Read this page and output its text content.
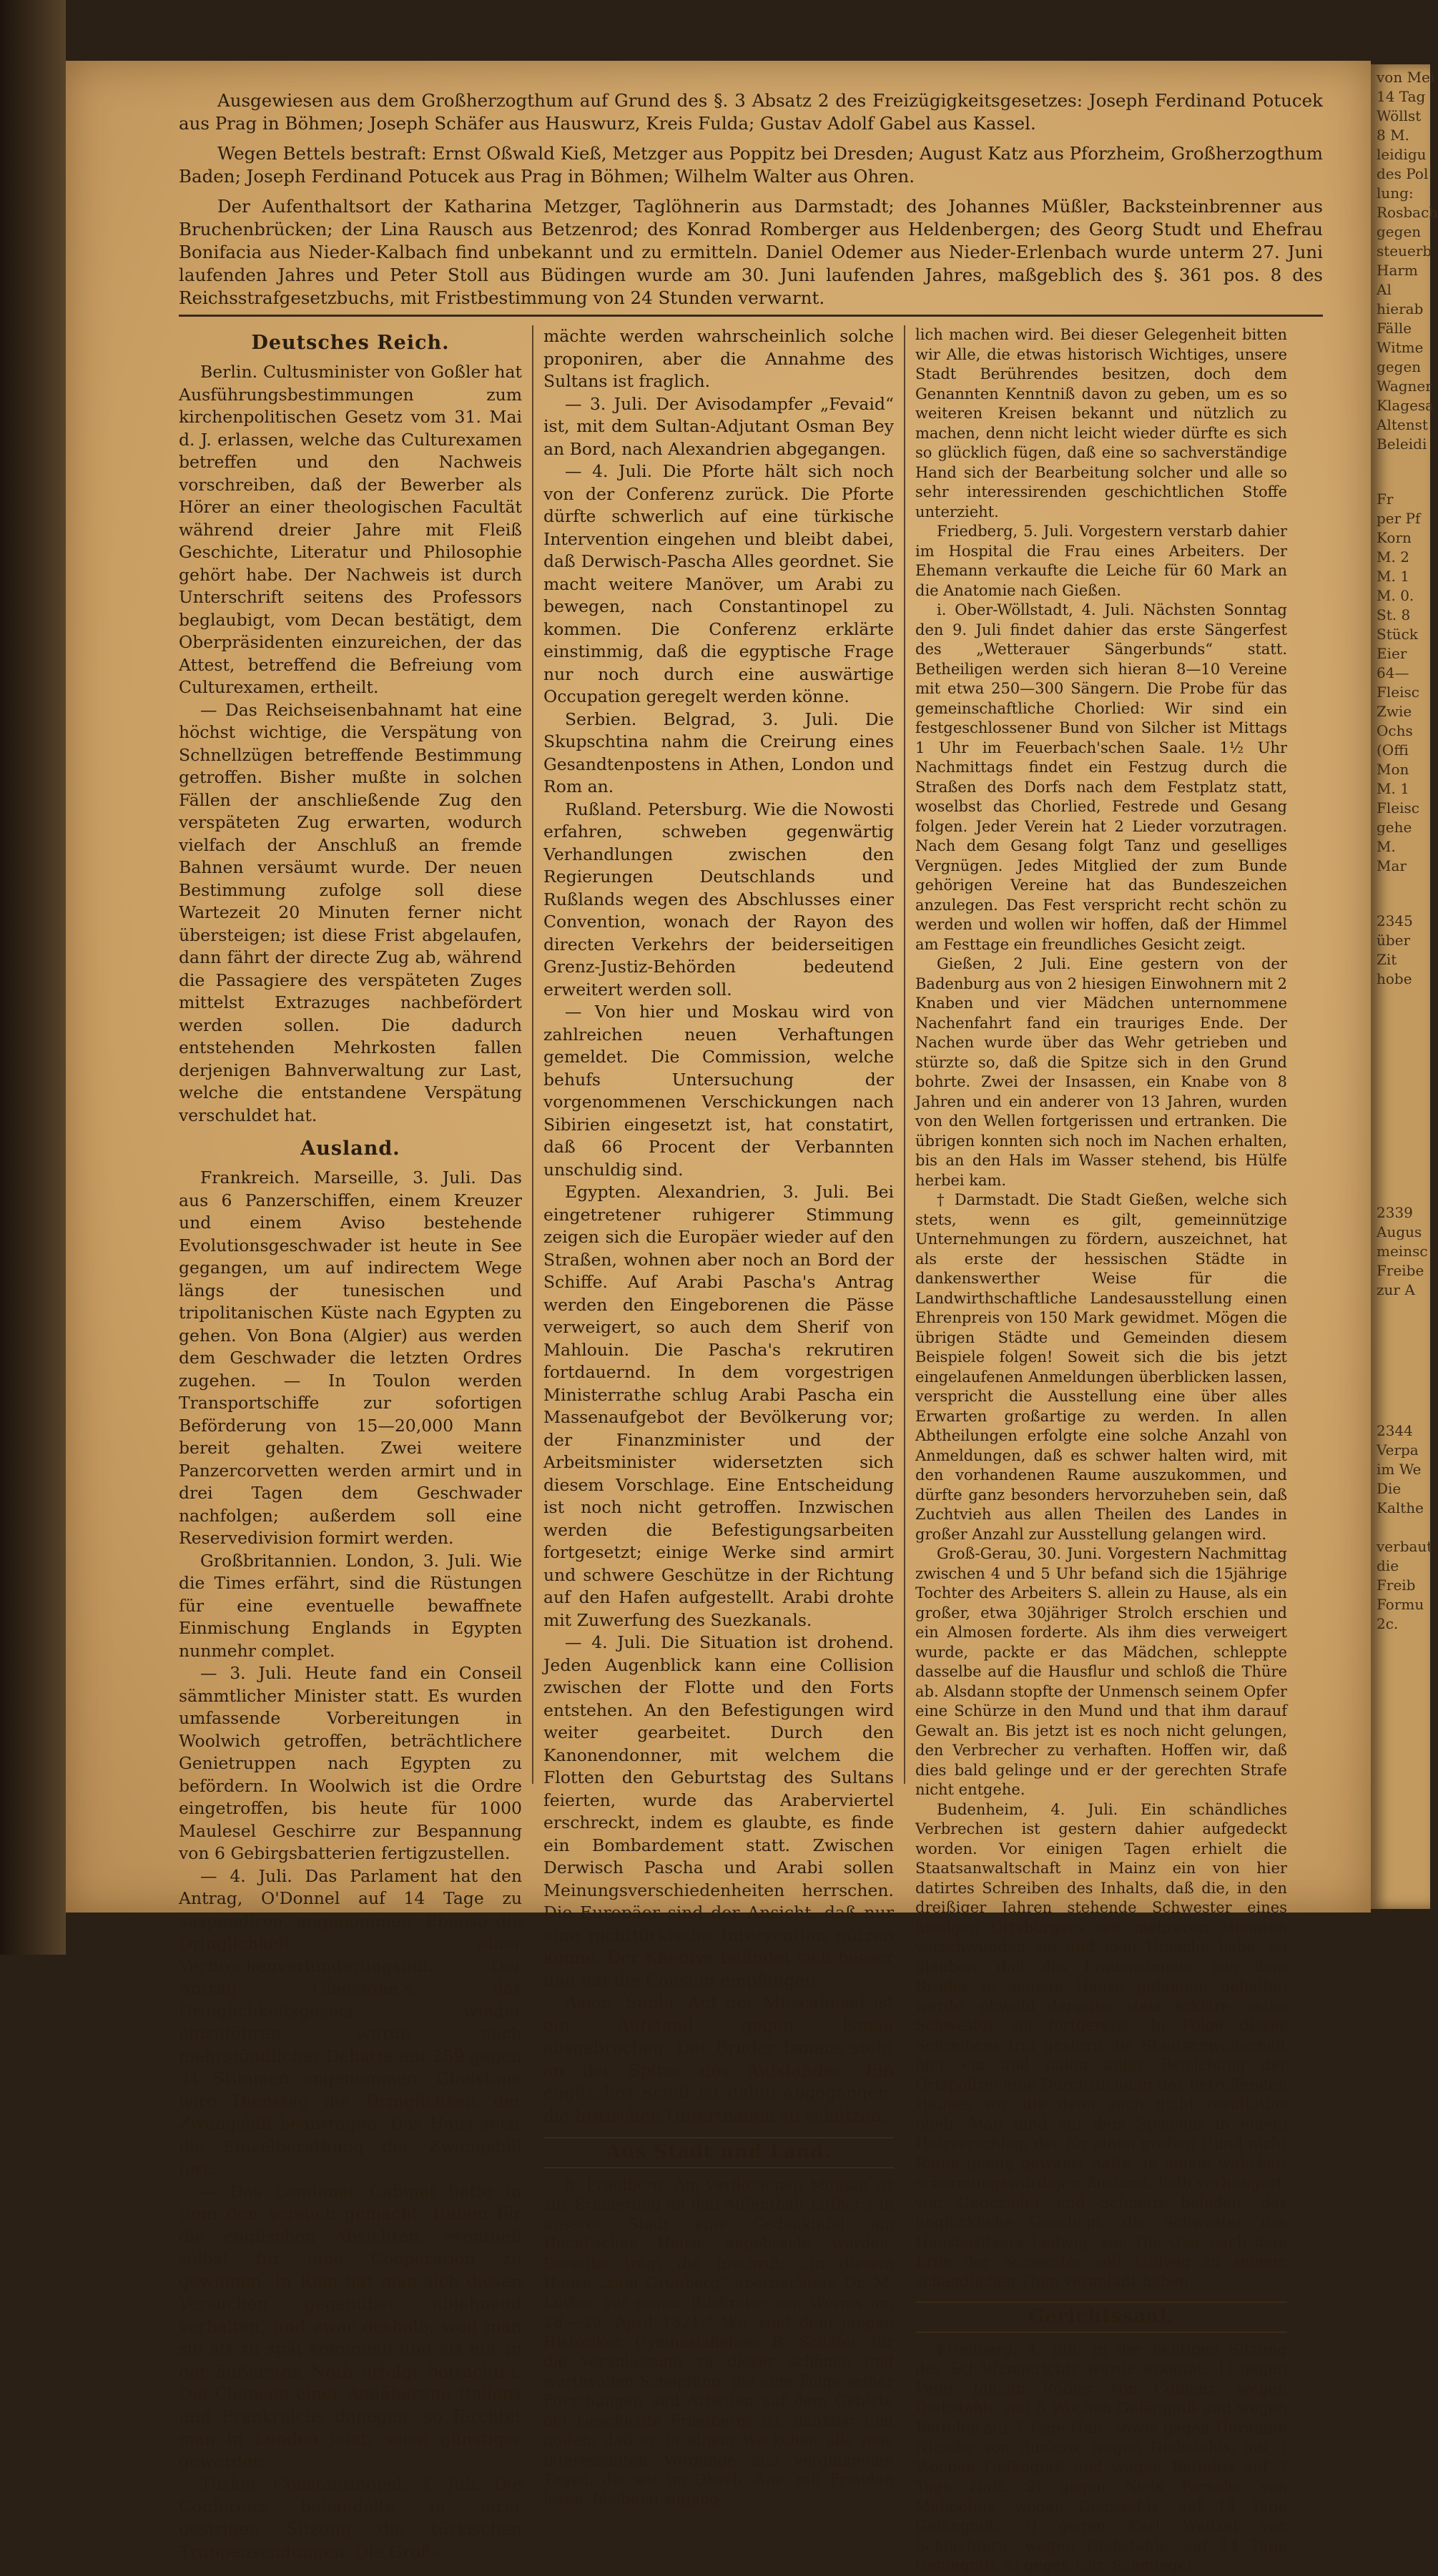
Ausgewiesen aus dem Großherzogthum auf Grund des §. 3 Absatz 2 des Freizügigkeitsgesetzes: Joseph Ferdinand Potucek aus Prag in Böhmen; Joseph Schäfer aus Hauswurz, Kreis Fulda; Gustav Adolf Gabel aus Kassel.

Wegen Bettels bestraft: Ernst Oßwald Kieß, Metzger aus Poppitz bei Dresden; August Katz aus Pforzheim, Großherzogthum Baden; Joseph Ferdinand Potucek aus Prag in Böhmen; Wilhelm Walter aus Ohren.

Der Aufenthaltsort der Katharina Metzger, Taglöhnerin aus Darmstadt; des Johannes Müßler, Backsteinbrenner aus Bruchenbrücken; der Lina Rausch aus Betzenrod; des Konrad Romberger aus Heldenbergen; des Georg Studt und Ehefrau Bonifacia aus Nieder-Kalbach find unbekannt und zu ermitteln. Daniel Odemer aus Nieder-Erlenbach wurde unterm 27. Juni laufenden Jahres und Peter Stoll aus Büdingen wurde am 30. Juni laufenden Jahres, maßgeblich des §. 361 pos. 8 des Reichsstrafgesetzbuchs, mit Fristbestimmung von 24 Stunden verwarnt.

Deutsches Reich.

Berlin. Cultusminister von Goßler hat Ausführungsbestimmungen zum kirchenpolitischen Gesetz vom 31. Mai d. J. erlassen, welche das Culturexamen betreffen und den Nachweis vorschreiben, daß der Bewerber als Hörer an einer theologischen Facultät während dreier Jahre mit Fleiß Geschichte, Literatur und Philosophie gehört habe. Der Nachweis ist durch Unterschrift seitens des Professors beglaubigt, vom Decan bestätigt, dem Oberpräsidenten einzureichen, der das Attest, betreffend die Befreiung vom Culturexamen, ertheilt.

— Das Reichseisenbahnamt hat eine höchst wichtige, die Verspätung von Schnellzügen betreffende Bestimmung getroffen. Bisher mußte in solchen Fällen der anschließende Zug den verspäteten Zug erwarten, wodurch vielfach der Anschluß an fremde Bahnen versäumt wurde. Der neuen Bestimmung zufolge soll diese Wartezeit 20 Minuten ferner nicht übersteigen; ist diese Frist abgelaufen, dann fährt der directe Zug ab, während die Passagiere des verspäteten Zuges mittelst Extrazuges nachbefördert werden sollen. Die dadurch entstehenden Mehrkosten fallen derjenigen Bahnverwaltung zur Last, welche die entstandene Verspätung verschuldet hat.

Ausland.

Frankreich. Marseille, 3. Juli. Das aus 6 Panzerschiffen, einem Kreuzer und einem Aviso bestehende Evolutionsgeschwader ist heute in See gegangen, um auf indirectem Wege längs der tunesischen und tripolitanischen Küste nach Egypten zu gehen. Von Bona (Algier) aus werden dem Geschwader die letzten Ordres zugehen. — In Toulon werden Transportschiffe zur sofortigen Beförderung von 15—20,000 Mann bereit gehalten. Zwei weitere Panzercorvetten werden armirt und in drei Tagen dem Geschwader nachfolgen; außerdem soll eine Reservedivision formirt werden.

Großbritannien. London, 3. Juli. Wie die Times erfährt, sind die Rüstungen für eine eventuelle bewaffnete Einmischung Englands in Egypten nunmehr complet.

— 3. Juli. Heute fand ein Conseil sämmtlicher Minister statt. Es wurden umfassende Vorbereitungen in Woolwich getroffen, beträchtlichere Genietruppen nach Egypten zu befördern. In Woolwich ist die Ordre eingetroffen, bis heute für 1000 Maulesel Geschirre zur Bespannung von 6 Gebirgsbatterien fertigzustellen.

— 4. Juli. Das Parlament hat den Antrag, O'Donnel auf 14 Tage zu suspendiren, angenommen. Ebenso die Dringlichkeit einer Verbrechenverhinderungsbill. Der Antrag Gladstone's, das Dringlichkeitsgesetz wieder einzuführen, wurde nach mehrstündlicher Debatte mit 259 gegen 31 Stimmen angenommen. Gladstone wird Dienstag die Dringlichkeit der Zwangsbill beantragen. Das Haus setzt die Einzelberathung der Zwangsbill fort.

— Das Londoner Cabinet hatte in Rom den Versuch gemacht, Italien für die englischen Absichten, eventuell selbst für eine Cooperation zu gewinnen. In Rom hat man sich diesen Versuchen gegenüber ablehnend verhalten, und zwar deshalb, weil man sie als zu spät kommend und als nur in der äußersten Noth erfolgt betrachtet. Die Chancen einer Annäherung Italiens und Frankreichs dagegen, so fürchtet man in London jetzt, seien günstiger geworden.

Türkei. Constantinopel, 3. Juli. Die Conferenz behandelte in ihrer gestrigen Sitzung die türkischen Truppensendungen. Die Groß-

mächte werden wahrscheinlich solche proponiren, aber die Annahme des Sultans ist fraglich.

— 3. Juli. Der Avisodampfer „Fevaid“ ist, mit dem Sultan-Adjutant Osman Bey an Bord, nach Alexandrien abgegangen.

— 4. Juli. Die Pforte hält sich noch von der Conferenz zurück. Die Pforte dürfte schwerlich auf eine türkische Intervention eingehen und bleibt dabei, daß Derwisch-Pascha Alles geordnet. Sie macht weitere Manöver, um Arabi zu bewegen, nach Constantinopel zu kommen. Die Conferenz erklärte einstimmig, daß die egyptische Frage nur noch durch eine auswärtige Occupation geregelt werden könne.

Serbien. Belgrad, 3. Juli. Die Skupschtina nahm die Creirung eines Gesandtenpostens in Athen, London und Rom an.

Rußland. Petersburg. Wie die Nowosti erfahren, schweben gegenwärtig Verhandlungen zwischen den Regierungen Deutschlands und Rußlands wegen des Abschlusses einer Convention, wonach der Rayon des directen Verkehrs der beiderseitigen Grenz-Justiz-Behörden bedeutend erweitert werden soll.

— Von hier und Moskau wird von zahlreichen neuen Verhaftungen gemeldet. Die Commission, welche behufs Untersuchung der vorgenommenen Verschickungen nach Sibirien eingesetzt ist, hat constatirt, daß 66 Procent der Verbannten unschuldig sind.

Egypten. Alexandrien, 3. Juli. Bei eingetretener ruhigerer Stimmung zeigen sich die Europäer wieder auf den Straßen, wohnen aber noch an Bord der Schiffe. Auf Arabi Pascha's Antrag werden den Eingeborenen die Pässe verweigert, so auch dem Sherif von Mahlouin. Die Pascha's rekrutiren fortdauernd. In dem vorgestrigen Ministerrathe schlug Arabi Pascha ein Massenaufgebot der Bevölkerung vor; der Finanzminister und der Arbeitsminister widersetzten sich diesem Vorschlage. Eine Entscheidung ist noch nicht getroffen. Inzwischen werden die Befestigungsarbeiten fortgesetzt; einige Werke sind armirt und schwere Geschütze in der Richtung auf den Hafen aufgestellt. Arabi drohte mit Zuwerfung des Suezkanals.

— 4. Juli. Die Situation ist drohend. Jeden Augenblick kann eine Collision zwischen der Flotte und den Forts entstehen. An den Befestigungen wird weiter gearbeitet. Durch den Kanonendonner, mit welchem die Flotten den Geburtstag des Sultans feierten, wurde das Araberviertel erschreckt, indem es glaubte, es finde ein Bombardement statt. Zwischen Derwisch Pascha und Arabi sollen Meinungsverschiedenheiten herrschen. Die Europäer sind der Ansicht, daß nur eine nichttürkische Intervention nützen könne. Der Khedive befindet sich besser und hat die Consuln empfangen.

Asien. Simla. Auf der Muscalinsel ist ein Aufstand gegen Ismau ausgebrochen. Der Bruder Ismaus steht an der Spitze des Aufstandes. Ein englisches Schiff ist dahin abgegangen, die britischen Unterthanen zu schützen.

Aus Stadt und Land.

h. Friedberg. Am verflossenen Montag ist zur Erinnerung an den Aufenthalt Luther's in unserer Stadt eine Gedenktafel am Hecht'schen Hause angebracht worden. Dieselbe trägt die Inschrift: „In diesem Hause „zum Grünberg“ übernachtete Dr. M. Luther auf seiner Rückreise von Worms am 28.—29. April 1521.“ Wir sind dem jungen Historiker, Gymnasiallehrer R. Schäfer, für die Veranlassung zu dieser schönen und werthvollen Schöpfung, die eine Folge seiner Forschungen und Arbeiten auf dem Gebiete der Geschichte Friedbergs ist, dankbar und hoffen, daß er in einem Werkchen alle jene interessanten Vorgänge aus vergangenen Tagen, die wir im Oberh. Anz. mit Freuden lesen, bleibend zugäng-

lich machen wird. Bei dieser Gelegenheit bitten wir Alle, die etwas historisch Wichtiges, unsere Stadt Berührendes besitzen, doch dem Genannten Kenntniß davon zu geben, um es so weiteren Kreisen bekannt und nützlich zu machen, denn nicht leicht wieder dürfte es sich so glücklich fügen, daß eine so sachverständige Hand sich der Bearbeitung solcher und alle so sehr interessirenden geschichtlichen Stoffe unterzieht.

Friedberg, 5. Juli. Vorgestern verstarb dahier im Hospital die Frau eines Arbeiters. Der Ehemann verkaufte die Leiche für 60 Mark an die Anatomie nach Gießen.

i. Ober-Wöllstadt, 4. Juli. Nächsten Sonntag den 9. Juli findet dahier das erste Sängerfest des „Wetterauer Sängerbunds“ statt. Betheiligen werden sich hieran 8—10 Vereine mit etwa 250—300 Sängern. Die Probe für das gemeinschaftliche Chorlied: Wir sind ein festgeschlossener Bund von Silcher ist Mittags 1 Uhr im Feuerbach'schen Saale. 1½ Uhr Nachmittags findet ein Festzug durch die Straßen des Dorfs nach dem Festplatz statt, woselbst das Chorlied, Festrede und Gesang folgen. Jeder Verein hat 2 Lieder vorzutragen. Nach dem Gesang folgt Tanz und geselliges Vergnügen. Jedes Mitglied der zum Bunde gehörigen Vereine hat das Bundeszeichen anzulegen. Das Fest verspricht recht schön zu werden und wollen wir hoffen, daß der Himmel am Festtage ein freundliches Gesicht zeigt.

Gießen, 2 Juli. Eine gestern von der Badenburg aus von 2 hiesigen Einwohnern mit 2 Knaben und vier Mädchen unternommene Nachenfahrt fand ein trauriges Ende. Der Nachen wurde über das Wehr getrieben und stürzte so, daß die Spitze sich in den Grund bohrte. Zwei der Insassen, ein Knabe von 8 Jahren und ein anderer von 13 Jahren, wurden von den Wellen fortgerissen und ertranken. Die übrigen konnten sich noch im Nachen erhalten, bis an den Hals im Wasser stehend, bis Hülfe herbei kam.

† Darmstadt. Die Stadt Gießen, welche sich stets, wenn es gilt, gemeinnützige Unternehmungen zu fördern, auszeichnet, hat als erste der hessischen Städte in dankenswerther Weise für die Landwirthschaftliche Landesausstellung einen Ehrenpreis von 150 Mark gewidmet. Mögen die übrigen Städte und Gemeinden diesem Beispiele folgen! Soweit sich die bis jetzt eingelaufenen Anmeldungen überblicken lassen, verspricht die Ausstellung eine über alles Erwarten großartige zu werden. In allen Abtheilungen erfolgte eine solche Anzahl von Anmeldungen, daß es schwer halten wird, mit den vorhandenen Raume auszukommen, und dürfte ganz besonders hervorzuheben sein, daß Zuchtvieh aus allen Theilen des Landes in großer Anzahl zur Ausstellung gelangen wird.

Groß-Gerau, 30. Juni. Vorgestern Nachmittag zwischen 4 und 5 Uhr befand sich die 15jährige Tochter des Arbeiters S. allein zu Hause, als ein großer, etwa 30jähriger Strolch erschien und ein Almosen forderte. Als ihm dies verweigert wurde, packte er das Mädchen, schleppte dasselbe auf die Hausflur und schloß die Thüre ab. Alsdann stopfte der Unmensch seinem Opfer eine Schürze in den Mund und that ihm darauf Gewalt an. Bis jetzt ist es noch nicht gelungen, den Verbrecher zu verhaften. Hoffen wir, daß dies bald gelinge und er der gerechten Strafe nicht entgehe.

Budenheim, 4. Juli. Ein schändliches Verbrechen ist gestern dahier aufgedeckt worden. Vor einigen Tagen erhielt die Staatsanwaltschaft in Mainz ein von hier datirtes Schreiben des Inhalts, daß die, in den dreißiger Jahren stehende Schwester eines hiesigen Ortsbürgers seit mehreren Monaten verschwunden sei und man Ursache habe, zu glauben, daß das Frauenzimmer von dem Bruder in seinem Hause gefangen gehalten werde, obwohl derselbe stets erkläre, seine Schwester sei fortgereist. In Folge dieses Schreibens traf gestern die Staatsanwaltschaft hier ein und nahm unter Beiziehung der Ortspolizei eine Durchsuchung des betreffenden Hauses vor, die denn auch nicht resultatlos blieb. Man fand auf dem Speicher in einem Holzverschlag, der für einen großen Hund nicht Raum genug gewährt hätte, in einem wahrhaft erbarmungswürdigen Zustand, halb verhungert, von Ungeziefer und Schmutz beladen, das unglückliche Geschöpf, die Schwester des Hausbesitzers Ludwig, vor. Die Gier nach dem Erbe der Schwester soll Ludwig zu seinem schändlichen Thun veranlaßt haben.

Gerichtssaal.

Friedberg, 4. Juli. In der heutigen Sitzung des Schöffengerichts wurde erkannt: 1) gegen Peter Johann Rößler von Coblenz, wegen Diebstahls, auf 5 Wochen Gefängniß und wegen Bettelns auf 7 Tage Haft, sowie gegen Hermann Nitsche von Buckow, wegen Diebstahls, auf 3 Wochen Gefängniß und wegen Bettelns auf 7 Tage Haft. 2) gegen Niels Persohe von Malmöhus, wegen Diebstahls, auf 14 Tage Gefängniß. 3) gegen Karl Weitzel von Schlüchtern, wegen Diebstahls, auf 14 Tage Gefängniß. 4) gegen Chr. Schmiegel

von Mei

14 Tag

Wöllst

8 M.

leidigu

des Pol

lung:

Rosbach

gegen

steuerb

Harm

Al

hierab

Fälle

Witme

gegen

Wagner

Klagesa

Altenst

Beleidi

Fr

per Pf

Korn

M. 2

M. 1

M. 0.

St. 8

Stück

Eier

64—

Fleisc

Zwie

Ochs

(Offi

Mon

M. 1

Fleisc

gehe

M.

Mar

2345

über

Zit

hobe

2339

Augus

meinsc

Freibe

zur A

2344

Verpa

im We

Die

Kalthe

verbaut

die

Freib

Formu

2c.
